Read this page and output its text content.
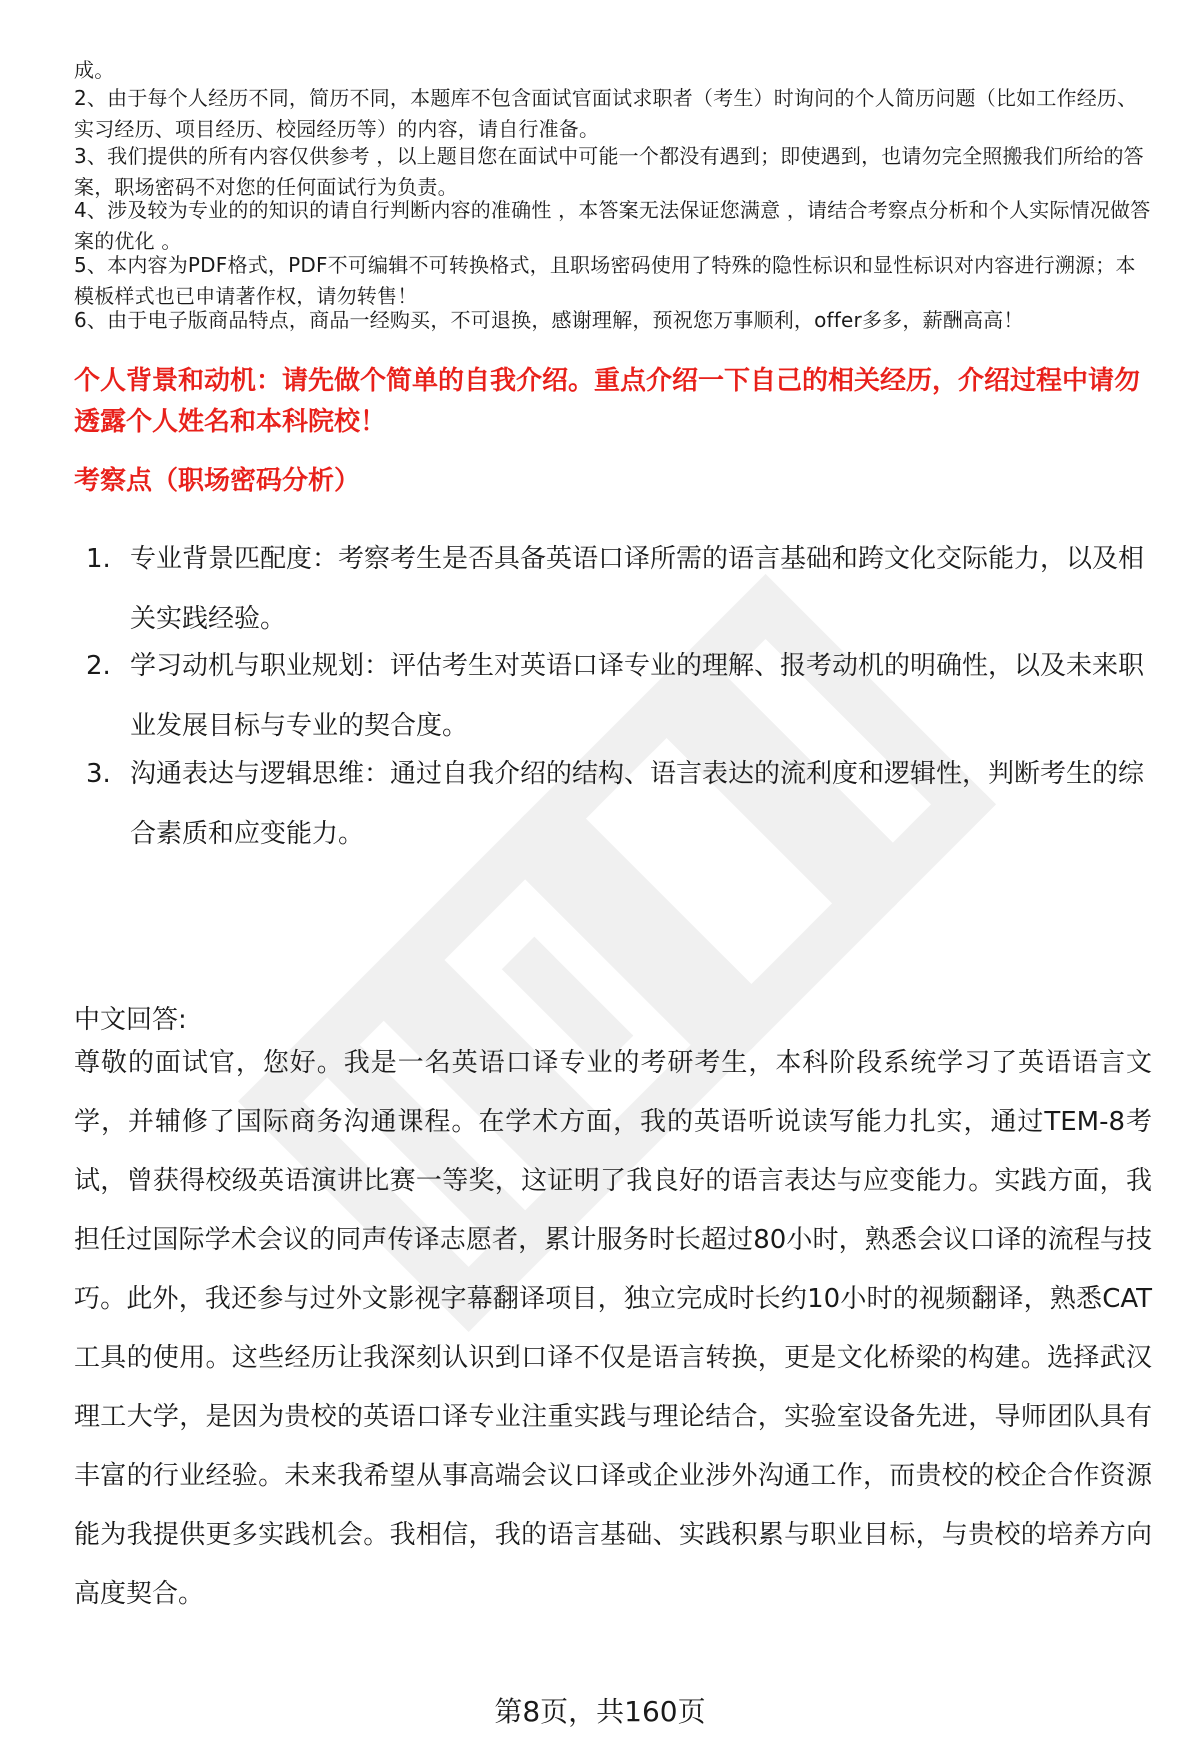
成。
2、由于每个人经历不同，简历不同，本题库不包含面试官面试求职者（考生）时询问的个人简历问题（比如工作经历、实习经历、项目经历、校园经历等）的内容，请自行准备。
3、我们提供的所有内容仅供参考 ，以上题目您在面试中可能一个都没有遇到；即使遇到，也请勿完全照搬我们所给的答案，职场密码不对您的任何面试行为负责。
4、涉及较为专业的的知识的请自行判断内容的准确性 ，本答案无法保证您满意 ，请结合考察点分析和个人实际情况做答案的优化 。
5、本内容为PDF格式，PDF不可编辑不可转换格式，且职场密码使用了特殊的隐性标识和显性标识对内容进行溯源；本模板样式也已申请著作权，请勿转售！
6、由于电子版商品特点，商品一经购买，不可退换，感谢理解，预祝您万事顺利，offer多多，薪酬高高！
个人背景和动机：请先做个简单的自我介绍。重点介绍一下自己的相关经历，介绍过程中请勿透露个人姓名和本科院校！
考察点（职场密码分析）
1. 专业背景匹配度：考察考生是否具备英语口译所需的语言基础和跨文化交际能力，以及相关实践经验。
2. 学习动机与职业规划：评估考生对英语口译专业的理解、报考动机的明确性，以及未来职业发展目标与专业的契合度。
3. 沟通表达与逻辑思维：通过自我介绍的结构、语言表达的流利度和逻辑性，判断考生的综合素质和应变能力。
中文回答:
尊敬的面试官，您好。我是一名英语口译专业的考研考生，本科阶段系统学习了英语语言文学，并辅修了国际商务沟通课程。在学术方面，我的英语听说读写能力扎实，通过TEM-8考试，曾获得校级英语演讲比赛一等奖，这证明了我良好的语言表达与应变能力。实践方面，我担任过国际学术会议的同声传译志愿者，累计服务时长超过80小时，熟悉会议口译的流程与技巧。此外，我还参与过外文影视字幕翻译项目，独立完成时长约10小时的视频翻译，熟悉CAT工具的使用。这些经历让我深刻认识到口译不仅是语言转换，更是文化桥梁的构建。选择武汉理工大学，是因为贵校的英语口译专业注重实践与理论结合，实验室设备先进，导师团队具有丰富的行业经验。未来我希望从事高端会议口译或企业涉外沟通工作，而贵校的校企合作资源能为我提供更多实践机会。我相信，我的语言基础、实践积累与职业目标，与贵校的培养方向高度契合。
第8页，共160页
